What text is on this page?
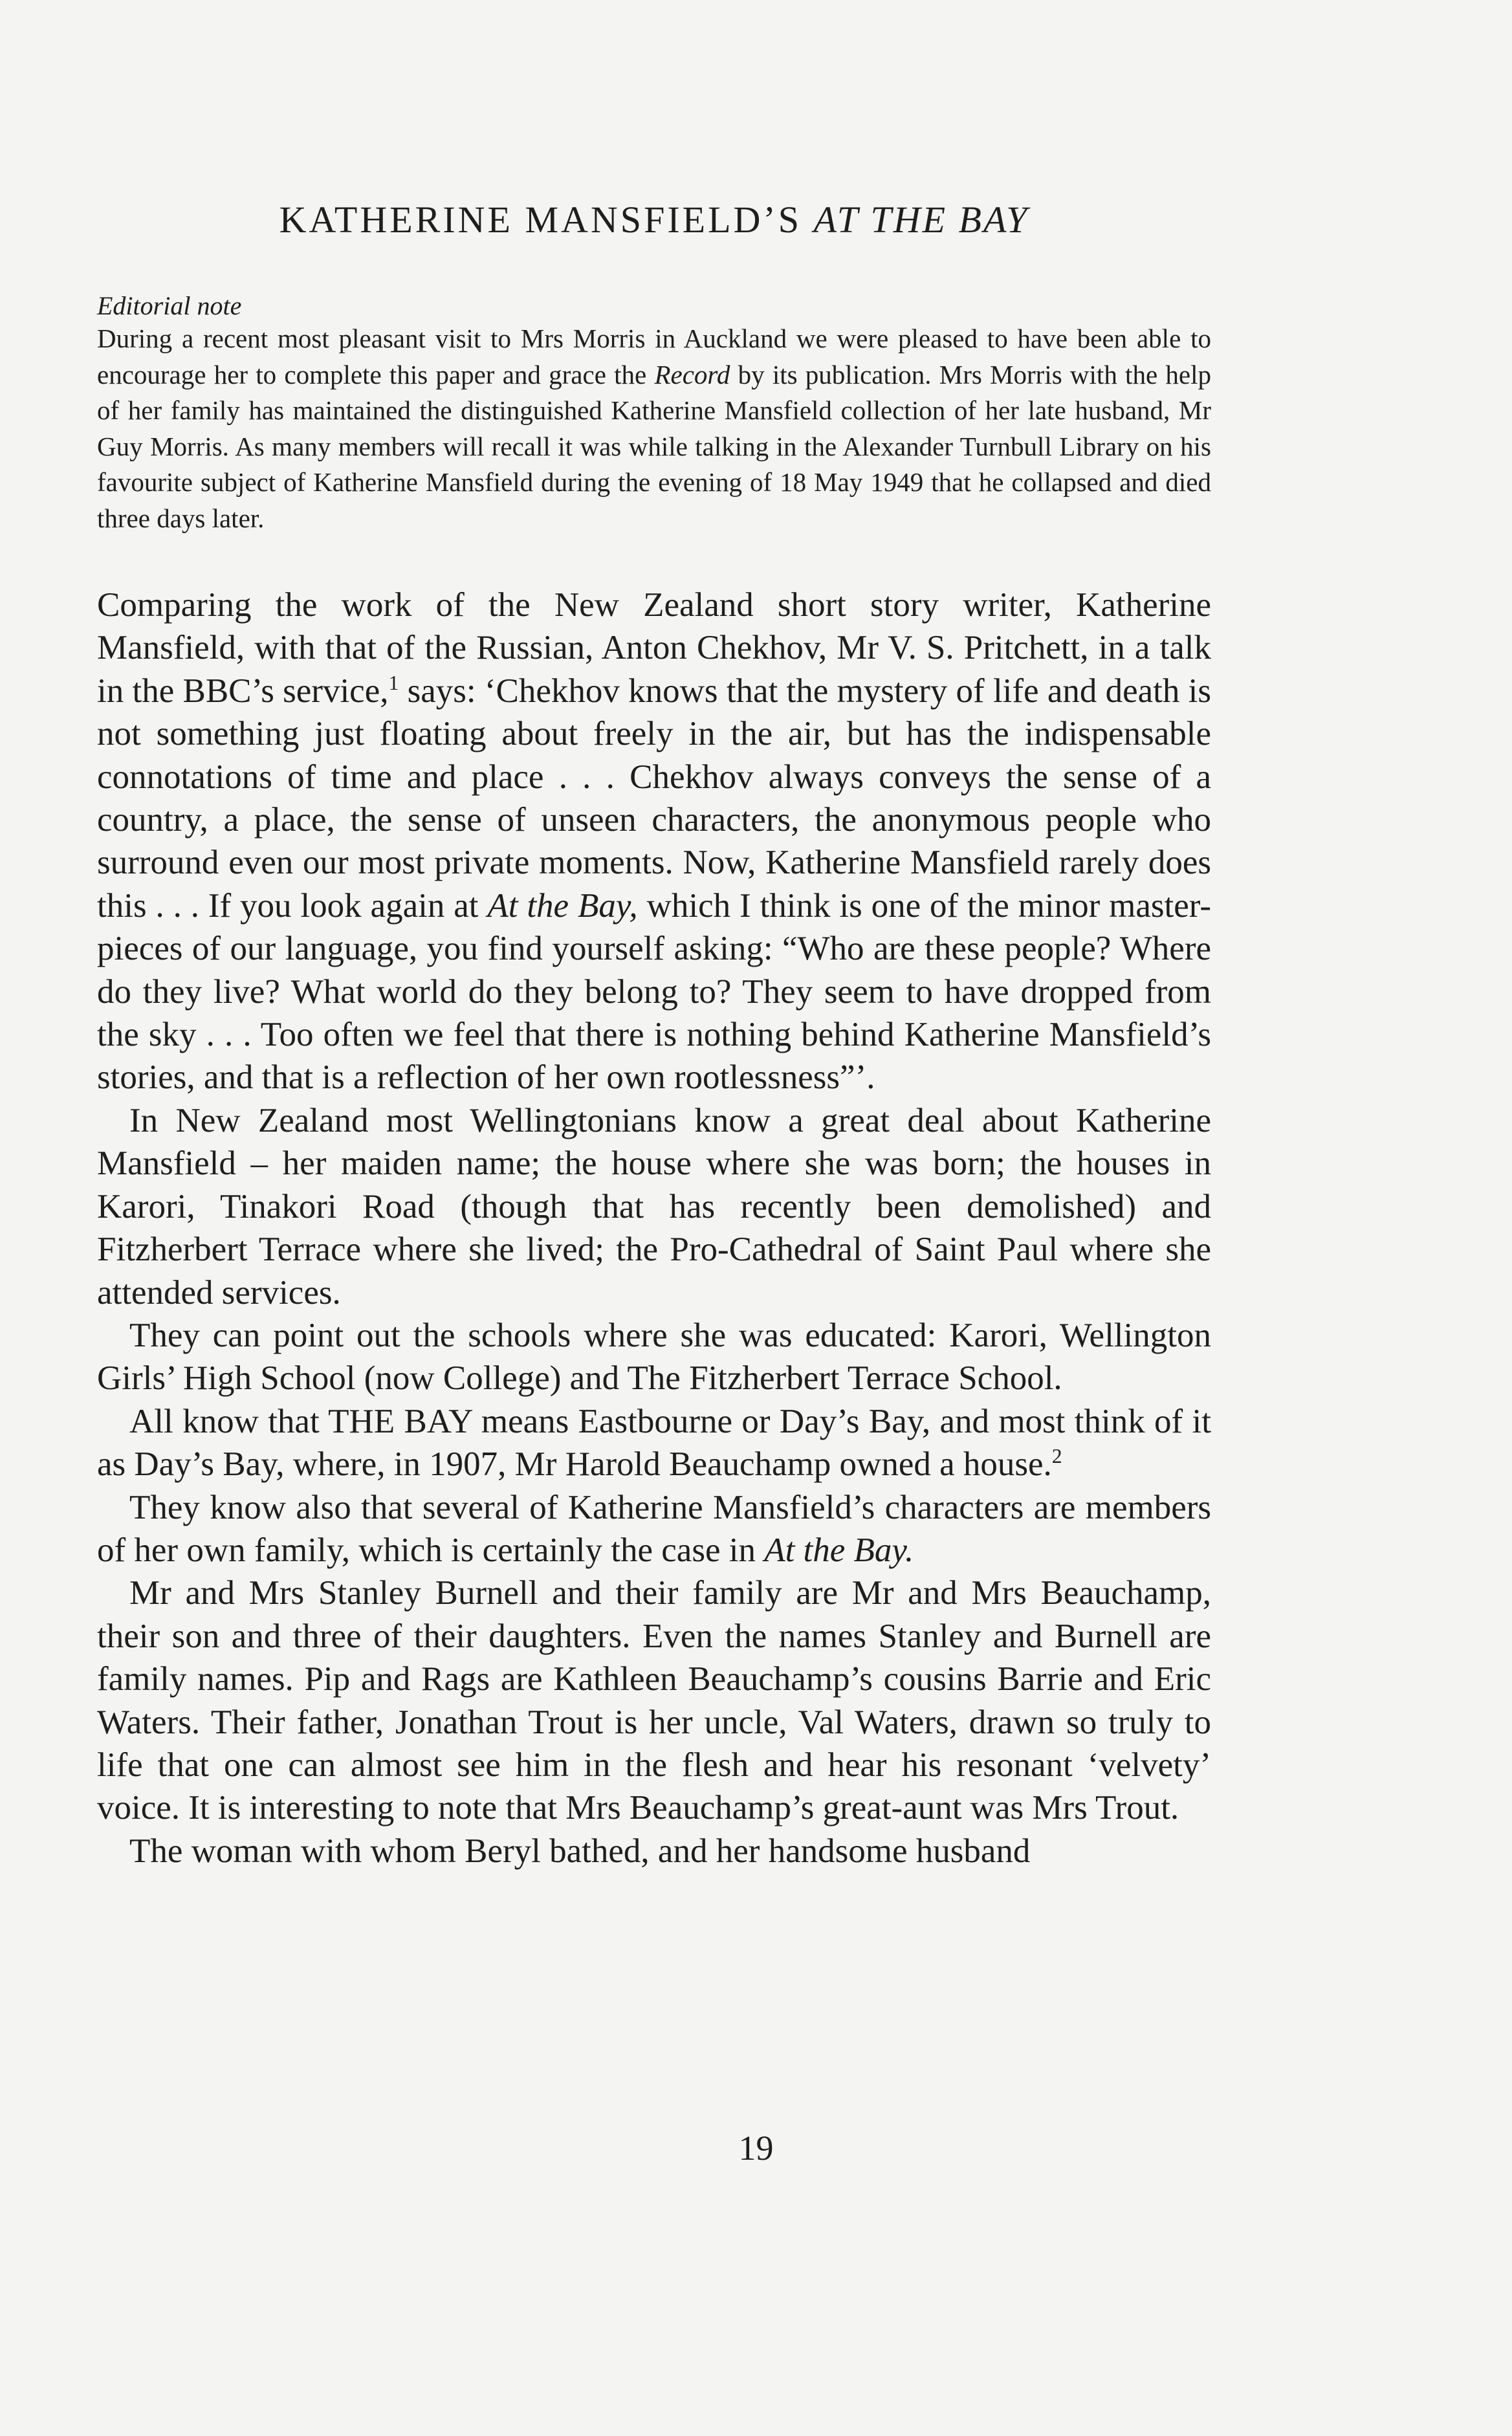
KATHERINE MANSFIELD’S AT THE BAY

Editorial note

During a recent most pleasant visit to Mrs Morris in Auckland we were pleased to have been able to encourage her to complete this paper and grace the Record by its publication. Mrs Morris with the help of her family has maintained the distinguished Katherine Mansfield collection of her late husband, Mr Guy Morris. As many members will recall it was while talking in the Alexander Turnbull Library on his favourite subject of Katherine Mansfield during the evening of 18 May 1949 that he collapsed and died three days later.

Comparing the work of the New Zealand short story writer, Katherine Mansfield, with that of the Russian, Anton Chekhov, Mr V. S. Pritchett, in a talk in the BBC’s service,$^1$ says: ‘Chekhov knows that the mystery of life and death is not something just floating about freely in the air, but has the indispensable connotations of time and place . . . Chekhov always conveys the sense of a country, a place, the sense of unseen characters, the anonymous people who surround even our most private moments. Now, Katherine Mansfield rarely does this . . . If you look again at At the Bay, which I think is one of the minor master-pieces of our language, you find yourself asking: “Who are these people? Where do they live? What world do they belong to? They seem to have dropped from the sky . . . Too often we feel that there is nothing behind Katherine Mansfield’s stories, and that is a reflection of her own rootlessness”’.

In New Zealand most Wellingtonians know a great deal about Katherine Mansfield – her maiden name; the house where she was born; the houses in Karori, Tinakori Road (though that has recently been demolished) and Fitzherbert Terrace where she lived; the Pro-Cathedral of Saint Paul where she attended services.

They can point out the schools where she was educated: Karori, Wellington Girls’ High School (now College) and The Fitzherbert Terrace School.

All know that THE BAY means Eastbourne or Day’s Bay, and most think of it as Day’s Bay, where, in 1907, Mr Harold Beauchamp owned a house.$^2$

They know also that several of Katherine Mansfield’s characters are members of her own family, which is certainly the case in At the Bay.

Mr and Mrs Stanley Burnell and their family are Mr and Mrs Beauchamp, their son and three of their daughters. Even the names Stanley and Burnell are family names. Pip and Rags are Kathleen Beauchamp’s cousins Barrie and Eric Waters. Their father, Jonathan Trout is her uncle, Val Waters, drawn so truly to life that one can almost see him in the flesh and hear his resonant ‘velvety’ voice. It is interesting to note that Mrs Beauchamp’s great-aunt was Mrs Trout.

The woman with whom Beryl bathed, and her handsome husband

19
